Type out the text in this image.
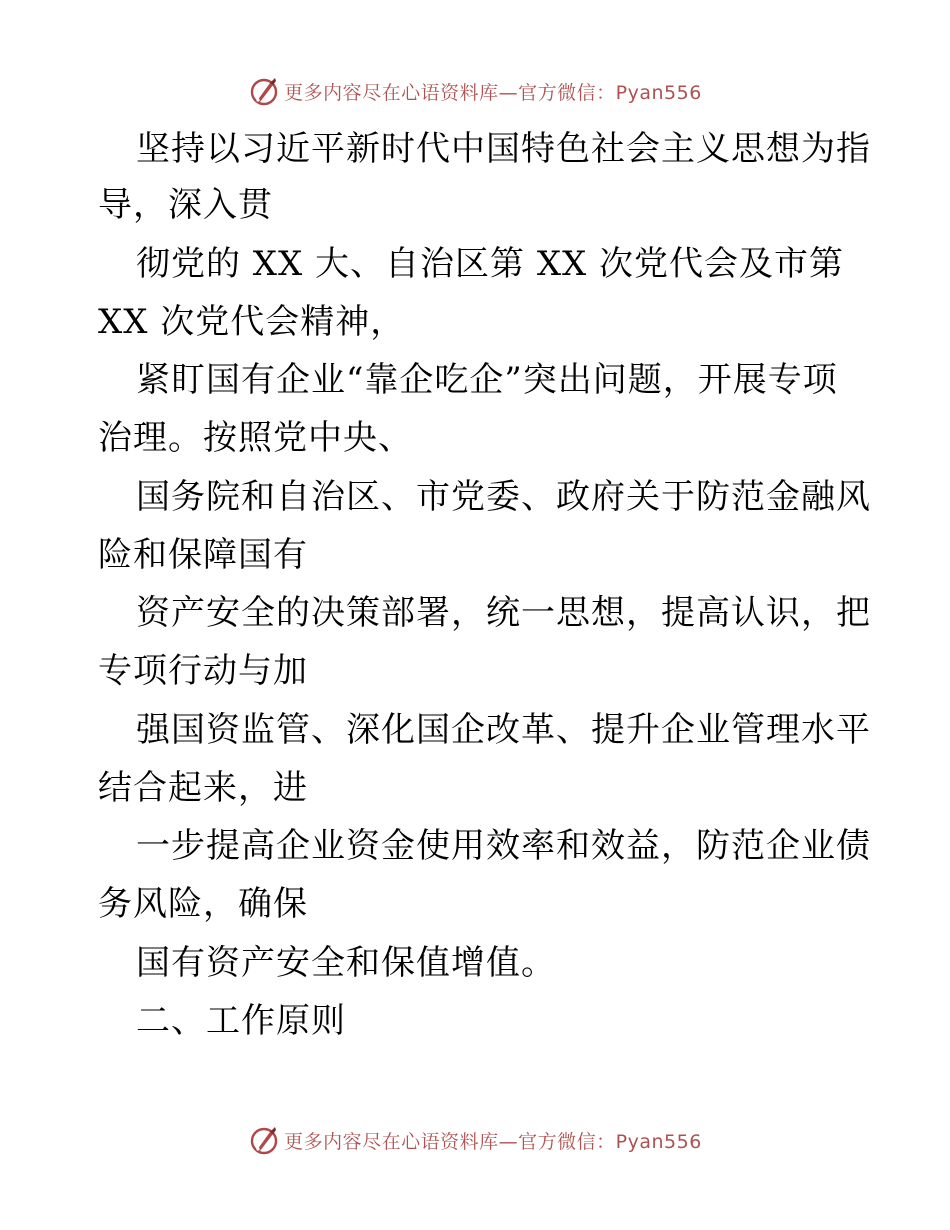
更多内容尽在心语资料库—官方微信：Pyan556
坚持以习近平新时代中国特色社会主义思想为指
导，深入贯
彻党的 XX 大、自治区第 XX 次党代会及市第
XX 次党代会精神，
紧盯国有企业“靠企吃企”突出问题，开展专项
治理。按照党中央、
国务院和自治区、市党委、政府关于防范金融风
险和保障国有
资产安全的决策部署，统一思想，提高认识，把
专项行动与加
强国资监管、深化国企改革、提升企业管理水平
结合起来，进
一步提高企业资金使用效率和效益，防范企业债
务风险，确保
国有资产安全和保值增值。
二、工作原则
更多内容尽在心语资料库—官方微信：Pyan556
